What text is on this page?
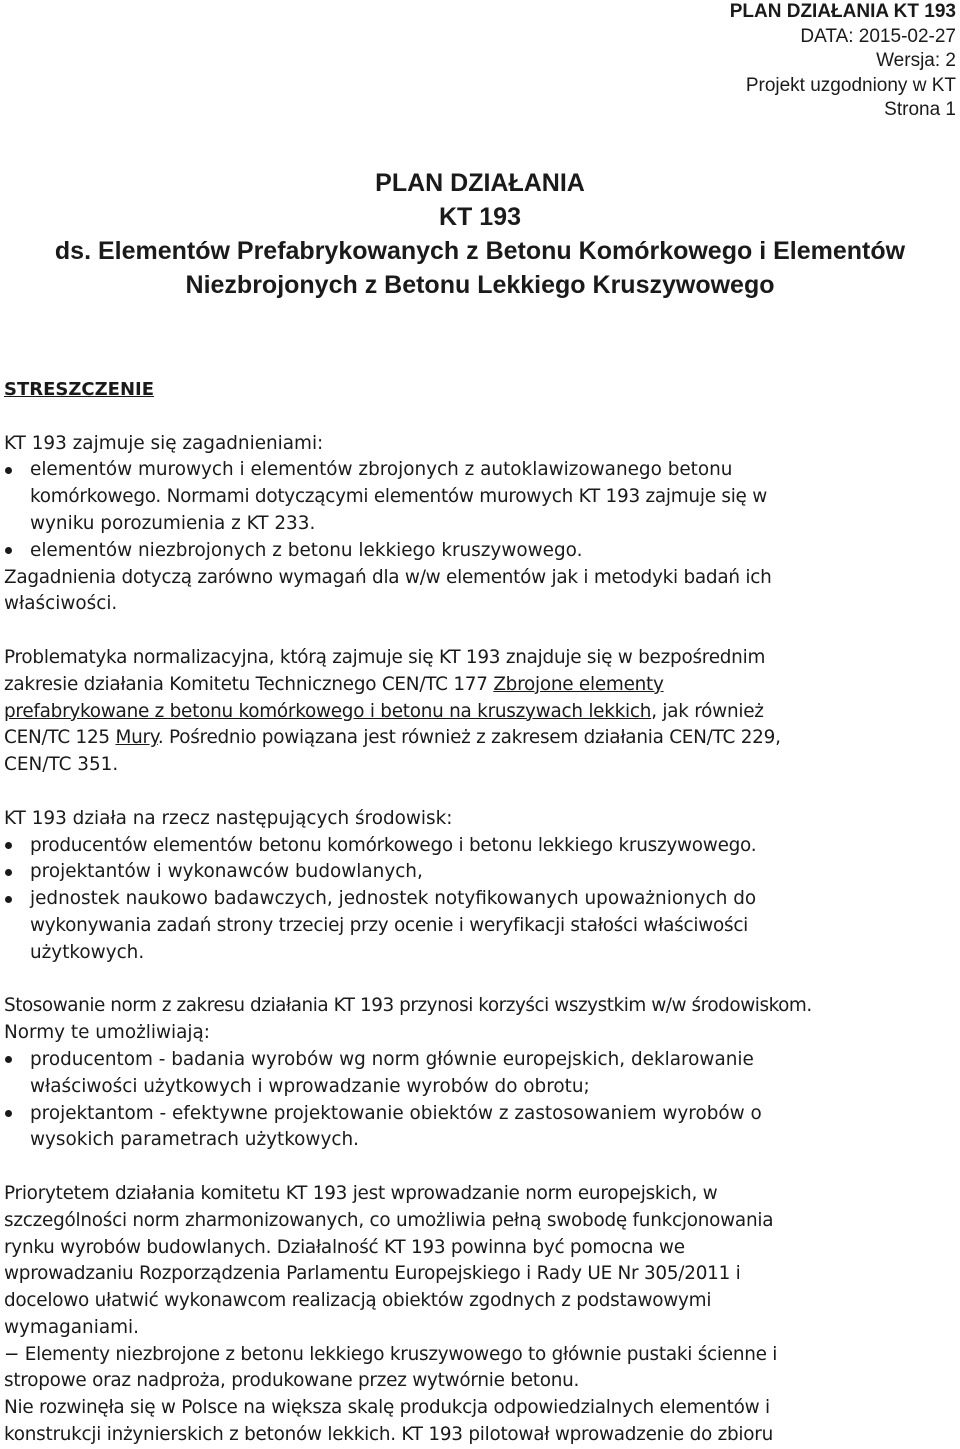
PLAN DZIAŁANIA KT 193
DATA: 2015-02-27
Wersja: 2
Projekt uzgodniony w KT
Strona 1
PLAN DZIAŁANIA
KT 193
ds. Elementów Prefabrykowanych z Betonu Komórkowego i Elementów
Niezbrojonych z Betonu Lekkiego Kruszywowego
STRESZCZENIE

KT 193 zajmuje się zagadnieniami:

elementów murowych i elementów zbrojonych z autoklawizowanego betonu
komórkowego. Normami dotyczącymi elementów murowych KT 193 zajmuje się w
wyniku porozumienia z KT 233.
elementów niezbrojonych z betonu lekkiego kruszywowego.

Zagadnienia dotyczą zarówno wymagań dla w/w elementów jak i metodyki badań ich

właściwości.

Problematyka normalizacyjna, którą zajmuje się KT 193 znajduje się w bezpośrednim

zakresie działania Komitetu Technicznego CEN/TC 177 Zbrojone elementy

prefabrykowane z betonu komórkowego i betonu na kruszywach lekkich, jak również

CEN/TC 125 Mury. Pośrednio powiązana jest również z zakresem działania CEN/TC 229,

CEN/TC 351.

KT 193 działa na rzecz następujących środowisk:

producentów elementów betonu komórkowego i betonu lekkiego kruszywowego.
projektantów i wykonawców budowlanych,
jednostek naukowo badawczych, jednostek notyfikowanych upoważnionych do
wykonywania zadań strony trzeciej przy ocenie i weryfikacji stałości właściwości
użytkowych.

Stosowanie norm z zakresu działania KT 193 przynosi korzyści wszystkim w/w środowiskom.

Normy te umożliwiają:

producentom - badania wyrobów wg norm głównie europejskich, deklarowanie
właściwości użytkowych i wprowadzanie wyrobów do obrotu;
projektantom - efektywne projektowanie obiektów z zastosowaniem wyrobów o
wysokich parametrach użytkowych.

Priorytetem działania komitetu KT 193 jest wprowadzanie norm europejskich, w

szczególności norm zharmonizowanych, co umożliwia pełną swobodę funkcjonowania

rynku wyrobów budowlanych. Działalność KT 193 powinna być pomocna we

wprowadzaniu Rozporządzenia Parlamentu Europejskiego i Rady UE Nr 305/2011 i

docelowo ułatwić wykonawcom realizacją obiektów zgodnych z podstawowymi

wymaganiami.

− Elementy niezbrojone z betonu lekkiego kruszywowego to głównie pustaki ścienne i

stropowe oraz nadproża, produkowane przez wytwórnie betonu.

Nie rozwinęła się w Polsce na większa skalę produkcja odpowiedzialnych elementów i

konstrukcji inżynierskich z betonów lekkich. KT 193 pilotował wprowadzenie do zbioru
